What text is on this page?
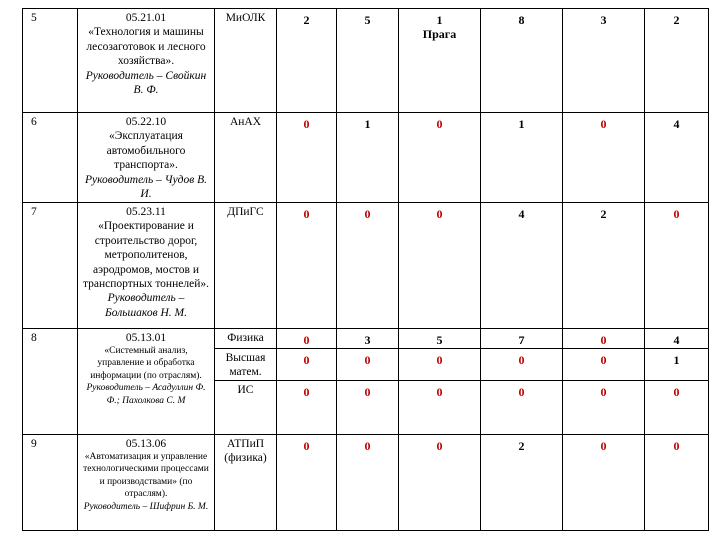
5	05.21.01
«Технология и машины лесозаготовок и лесного хозяйства».
Руководитель – Свойкин В. Ф.	МиОЛК	2	5	1
Прага	8	3	2
6	05.22.10
«Эксплуатация автомобильного транспорта».
Руководитель – Чудов В. И.	АнАХ	0	1	0	1	0	4
7	05.23.11
«Проектирование и строительство дорог, метрополитенов, аэродромов, мостов и транспортных тоннелей».
Руководитель – Большаков Н. М.	ДПиГС	0	0	0	4	2	0
8	05.13.01
«Системный анализ, управление и обработка информации (по отраслям).
Руководитель – Асадуллин Ф. Ф.; Пахолкова С. М	Физика	0	3	5	7	0	4
		Высшая матем.	0	0	0	0	0	1
		ИС	0	0	0	0	0	0
9	05.13.06
«Автоматизация и управление технологическими процессами и производствами» (по отраслям).
Руководитель – Шифрин Б. М.	АТПиП (физика)	0	0	0	2	0	0
